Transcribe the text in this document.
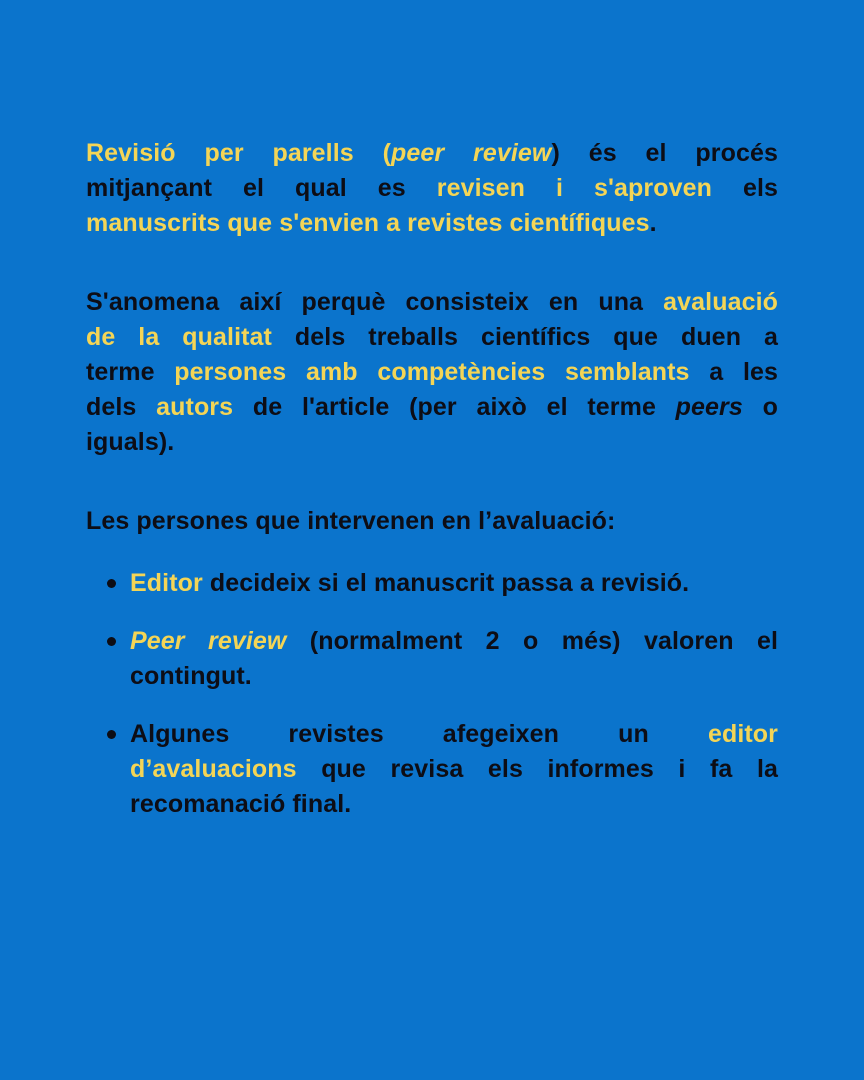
Revisió per parells (peer review) és el procés
mitjançant el qual es revisen i s'aproven els
manuscrits que s'envien a revistes científiques.
S'anomena així perquè consisteix en una avaluació
de la qualitat dels treballs científics que duen a
terme persones amb competències semblants a les
dels autors de l'article (per això el terme peers o
iguals).
Les persones que intervenen en l’avaluació:
Editor decideix si el manuscrit passa a revisió.
Peer review (normalment 2 o més) valoren el
contingut.
Algunes revistes afegeixen un editor
d’avaluacions que revisa els informes i fa la
recomanació final.
